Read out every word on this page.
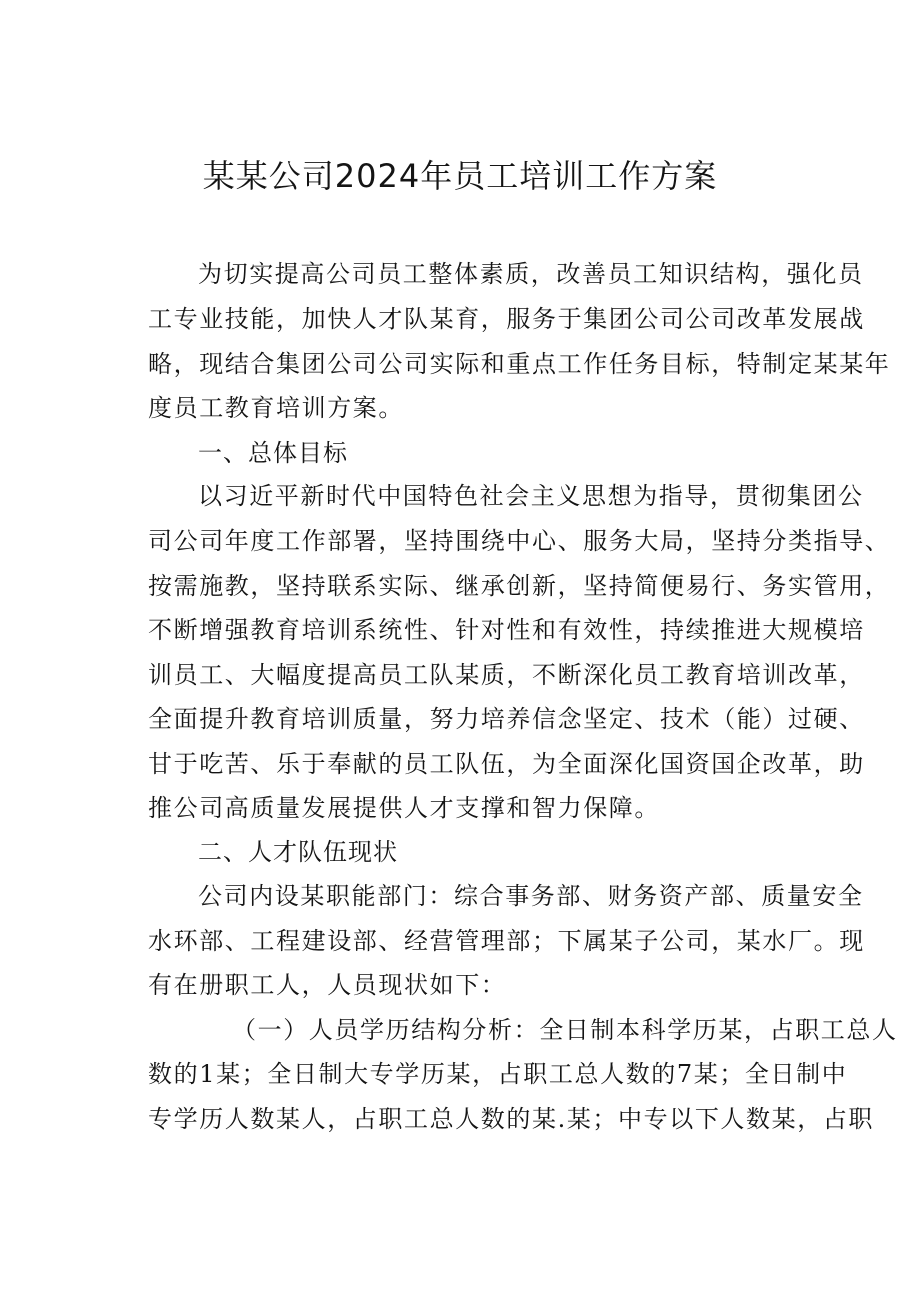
某某公司2024年员工培训工作方案
为切实提高公司员工整体素质，改善员工知识结构，强化员
工专业技能，加快人才队某育，服务于集团公司公司改革发展战
略，现结合集团公司公司实际和重点工作任务目标，特制定某某年
度员工教育培训方案。
一、总体目标
以习近平新时代中国特色社会主义思想为指导，贯彻集团公
司公司年度工作部署，坚持围绕中心、服务大局，坚持分类指导、
按需施教，坚持联系实际、继承创新，坚持简便易行、务实管用，
不断增强教育培训系统性、针对性和有效性，持续推进大规模培
训员工、大幅度提高员工队某质，不断深化员工教育培训改革，
全面提升教育培训质量，努力培养信念坚定、技术（能）过硬、
甘于吃苦、乐于奉献的员工队伍，为全面深化国资国企改革，助
推公司高质量发展提供人才支撑和智力保障。
二、人才队伍现状
公司内设某职能部门：综合事务部、财务资产部、质量安全
水环部、工程建设部、经营管理部；下属某子公司，某水厂。现
有在册职工人，人员现状如下：
（一）人员学历结构分析：全日制本科学历某，占职工总人
数的1某；全日制大专学历某，占职工总人数的7某；全日制中
专学历人数某人，占职工总人数的某.某；中专以下人数某，占职
